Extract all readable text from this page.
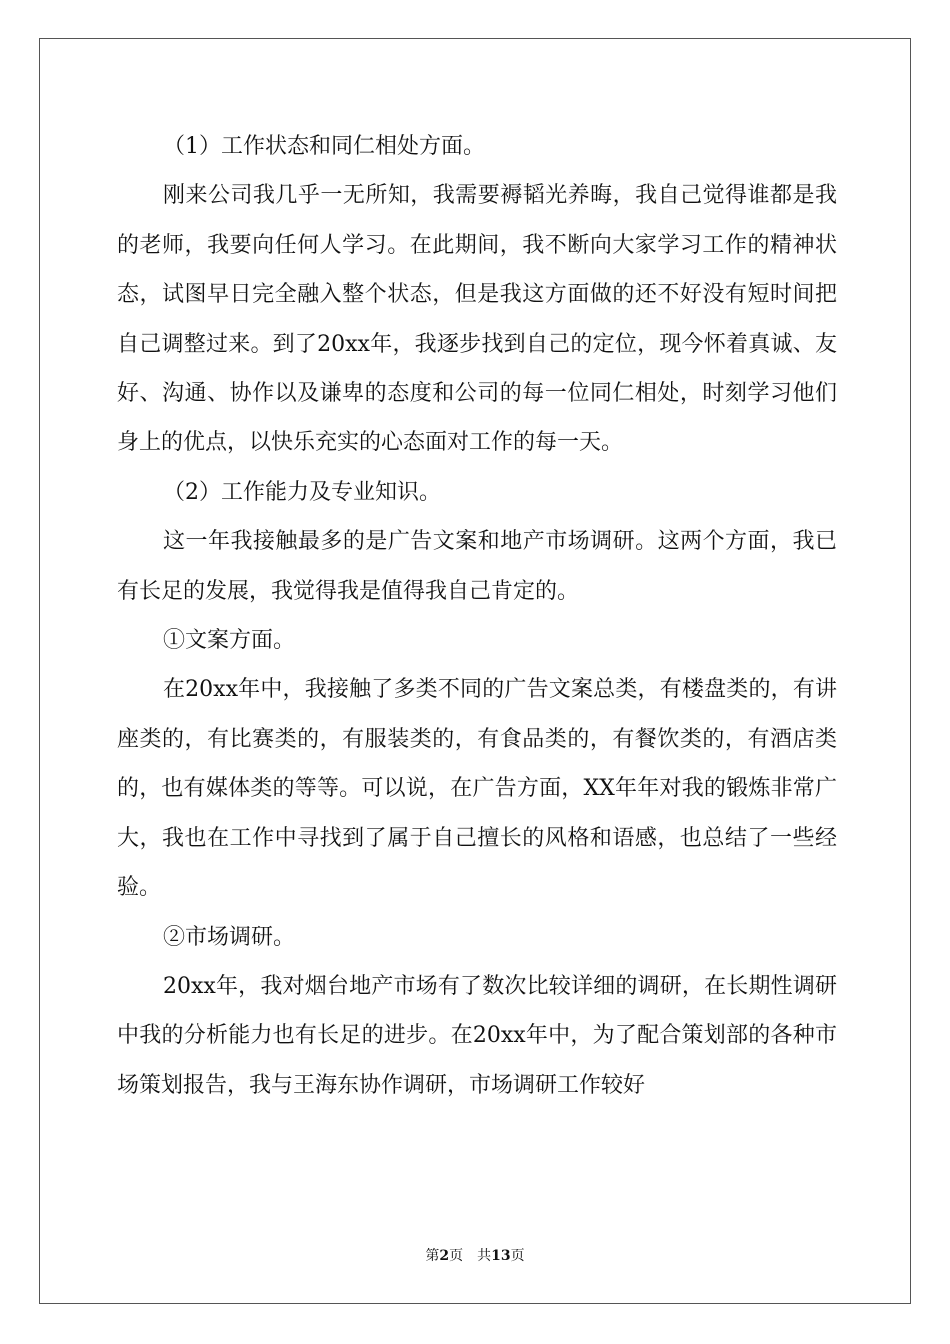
（1）工作状态和同仁相处方面。

刚来公司我几乎一无所知，我需要褥韬光养晦，我自己觉得谁都是我的老师，我要向任何人学习。在此期间，我不断向大家学习工作的精神状态，试图早日完全融入整个状态，但是我这方面做的还不好没有短时间把自己调整过来。到了20xx年，我逐步找到自己的定位，现今怀着真诚、友好、沟通、协作以及谦卑的态度和公司的每一位同仁相处，时刻学习他们身上的优点，以快乐充实的心态面对工作的每一天。

（2）工作能力及专业知识。

这一年我接触最多的是广告文案和地产市场调研。这两个方面，我已有长足的发展，我觉得我是值得我自己肯定的。

①文案方面。

在20xx年中，我接触了多类不同的广告文案总类，有楼盘类的，有讲座类的，有比赛类的，有服装类的，有食品类的，有餐饮类的，有酒店类的，也有媒体类的等等。可以说，在广告方面，XX年年对我的锻炼非常广大，我也在工作中寻找到了属于自己擅长的风格和语感，也总结了一些经验。

②市场调研。

20xx年，我对烟台地产市场有了数次比较详细的调研，在长期性调研中我的分析能力也有长足的进步。在20xx年中，为了配合策划部的各种市场策划报告，我与王海东协作调研，市场调研工作较好

第2页 共13页
